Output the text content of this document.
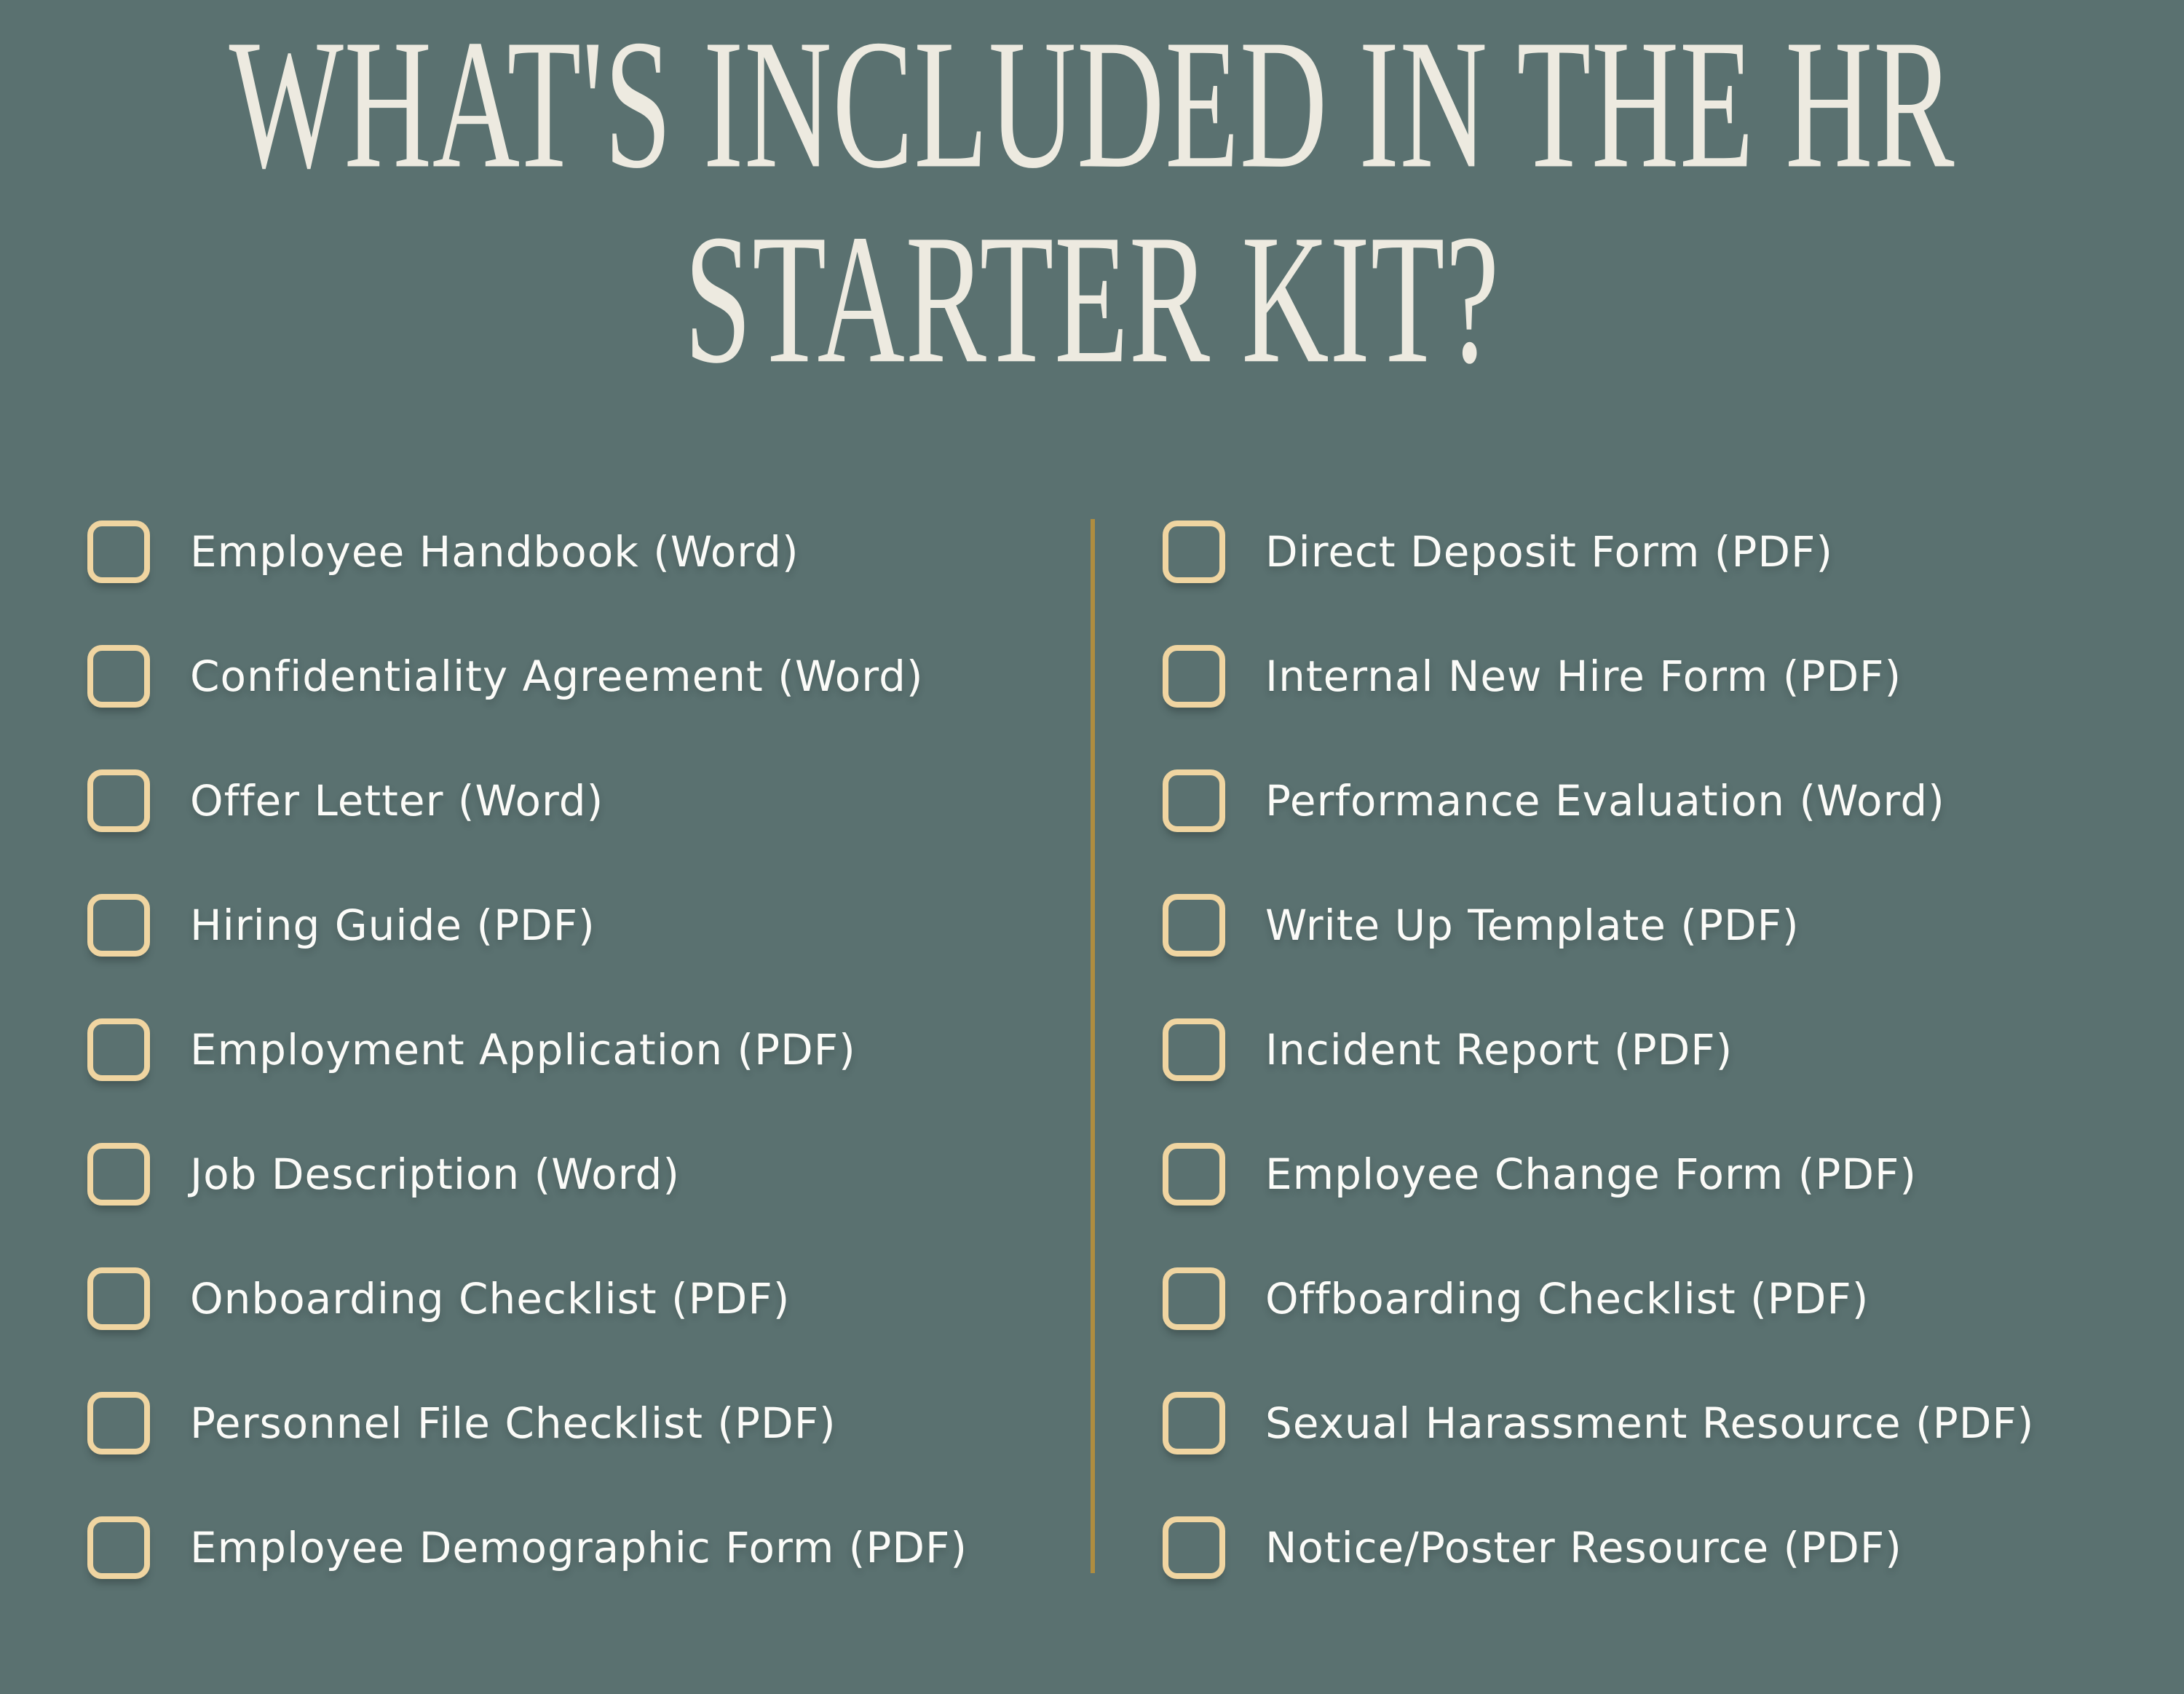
WHAT'S INCLUDED IN THE HR STARTER KIT?
Employee Handbook (Word)
Confidentiality Agreement (Word)
Offer Letter (Word)
Hiring Guide (PDF)
Employment Application (PDF)
Job Description (Word)
Onboarding Checklist (PDF)
Personnel File Checklist (PDF)
Employee Demographic Form (PDF)
Direct Deposit Form (PDF)
Internal New Hire Form (PDF)
Performance Evaluation (Word)
Write Up Template (PDF)
Incident Report (PDF)
Employee Change Form (PDF)
Offboarding Checklist (PDF)
Sexual Harassment Resource (PDF)
Notice/Poster Resource (PDF)
